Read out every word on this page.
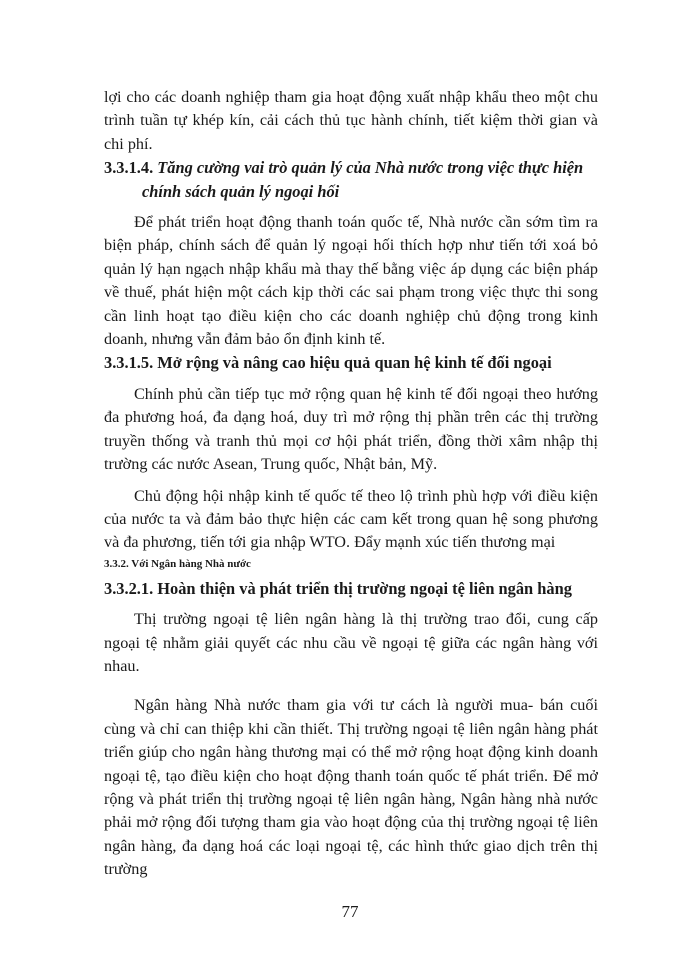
lợi cho các doanh nghiệp tham gia hoạt động xuất nhập khẩu theo một chu trình tuần tự khép kín, cải cách thủ tục hành chính, tiết kiệm thời gian và chi phí.

3.3.1.4. Tăng cường vai trò quản lý của Nhà nước trong việc thực hiện chính sách quản lý ngoại hối

Để phát triển hoạt động thanh toán quốc tế, Nhà nước cần sớm tìm ra biện pháp, chính sách để quản lý ngoại hối thích hợp như tiến tới xoá bỏ quản lý hạn ngạch nhập khẩu mà thay thế bằng việc áp dụng các biện pháp về thuế, phát hiện một cách kịp thời các sai phạm trong việc thực thi song cần linh hoạt tạo điều kiện cho các doanh nghiệp chủ động trong kinh doanh, nhưng vẫn đảm bảo ổn định kinh tế.

3.3.1.5. Mở rộng và nâng cao hiệu quả quan hệ kinh tế đối ngoại

Chính phủ cần tiếp tục mở rộng quan hệ kinh tế đối ngoại theo hướng đa phương hoá, đa dạng hoá, duy trì mở rộng thị phần trên các thị trường truyền thống và tranh thủ mọi cơ hội phát triển, đồng thời xâm nhập thị trường các nước Asean, Trung quốc, Nhật bản, Mỹ.

Chủ động hội nhập kinh tế quốc tế theo lộ trình phù hợp với điều kiện của nước ta và đảm bảo thực hiện các cam kết trong quan hệ song phương và đa phương, tiến tới gia nhập WTO. Đẩy mạnh xúc tiến thương mại

3.3.2. Với Ngân hàng Nhà nước

3.3.2.1. Hoàn thiện và phát triển thị trường ngoại tệ liên ngân hàng

Thị trường ngoại tệ liên ngân hàng là thị trường trao đổi, cung cấp ngoại tệ nhằm giải quyết các nhu cầu về ngoại tệ giữa các ngân hàng với nhau.

Ngân hàng Nhà nước tham gia với tư cách là người mua- bán cuối cùng và chỉ can thiệp khi cần thiết. Thị trường ngoại tệ liên ngân hàng phát triển giúp cho ngân hàng thương mại có thể mở rộng hoạt động kinh doanh ngoại tệ, tạo điều kiện cho hoạt động thanh toán quốc tế phát triển. Để mở rộng và phát triển thị trường ngoại tệ liên ngân hàng, Ngân hàng nhà nước phải mở rộng đối tượng tham gia vào hoạt động của thị trường ngoại tệ liên ngân hàng, đa dạng hoá các loại ngoại tệ, các hình thức giao dịch trên thị trường

77
